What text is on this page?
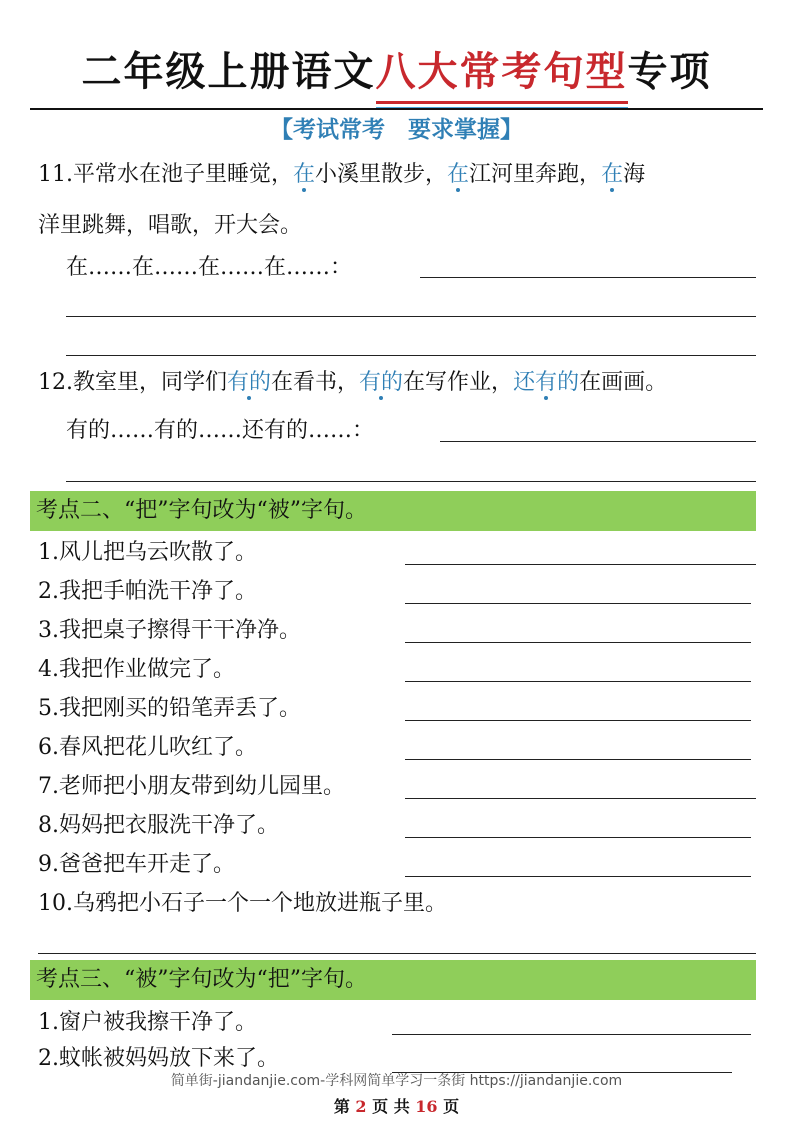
二年级上册语文八大常考句型
专项
【考试常考　要求掌握】
11.平常水在池子里睡觉，在小溪里散步，在江河里奔跑，在海
洋里跳舞，唱歌，开大会。
在……在……在……在……：
12.教室里，同学们有的在看书，有的在写作业，还有的在画画。
有的……有的……还有的……：
考点二、“把”字句改为“被”字句。
1.风儿把乌云吹散了。
2.我把手帕洗干净了。
3.我把桌子擦得干干净净。
4.我把作业做完了。
5.我把刚买的铅笔弄丢了。
6.春风把花儿吹红了。
7.老师把小朋友带到幼儿园里。
8.妈妈把衣服洗干净了。
9.爸爸把车开走了。
10.乌鸦把小石子一个一个地放进瓶子里。
考点三、“被”字句改为“把”字句。
1.窗户被我擦干净了。
2.蚊帐被妈妈放下来了。
简单街-jiandanjie.com-学科网简单学习一条街 https://jiandanjie.com
第 2 页 共 16 页
